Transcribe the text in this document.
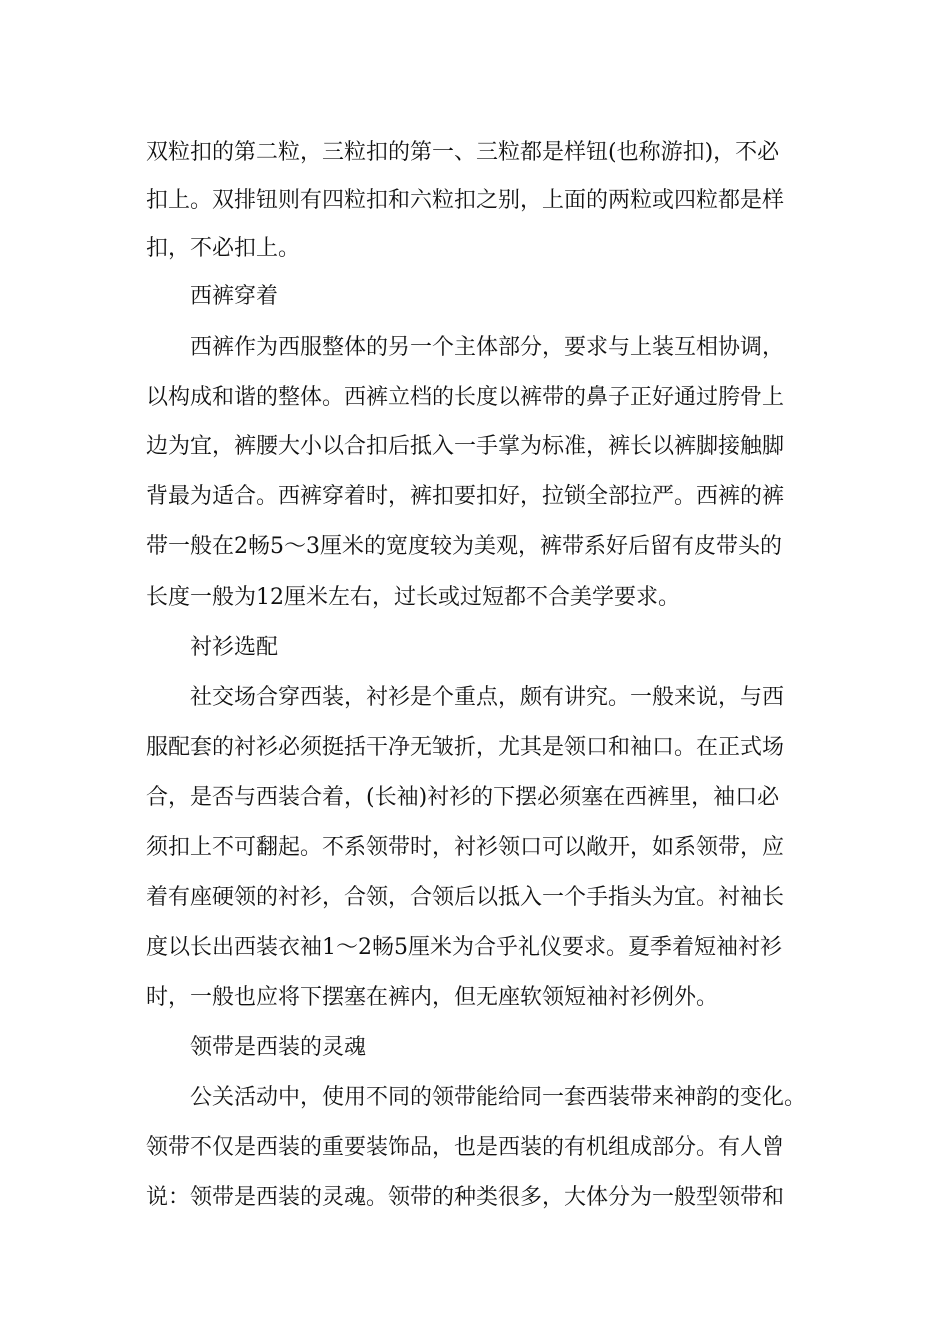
双粒扣的第二粒，三粒扣的第一、三粒都是样钮(也称游扣)，不必
扣上。双排钮则有四粒扣和六粒扣之别，上面的两粒或四粒都是样
扣，不必扣上。
西裤穿着
西裤作为西服整体的另一个主体部分，要求与上装互相协调，
以构成和谐的整体。西裤立档的长度以裤带的鼻子正好通过胯骨上
边为宜，裤腰大小以合扣后抵入一手掌为标准，裤长以裤脚接触脚
背最为适合。西裤穿着时，裤扣要扣好，拉锁全部拉严。西裤的裤
带一般在2畅5～3厘米的宽度较为美观，裤带系好后留有皮带头的
长度一般为12厘米左右，过长或过短都不合美学要求。
衬衫选配
社交场合穿西装，衬衫是个重点，颇有讲究。一般来说，与西
服配套的衬衫必须挺括干净无皱折，尤其是领口和袖口。在正式场
合，是否与西装合着，(长袖)衬衫的下摆必须塞在西裤里，袖口必
须扣上不可翻起。不系领带时，衬衫领口可以敞开，如系领带，应
着有座硬领的衬衫，合领，合领后以抵入一个手指头为宜。衬袖长
度以长出西装衣袖1～2畅5厘米为合乎礼仪要求。夏季着短袖衬衫
时，一般也应将下摆塞在裤内，但无座软领短袖衬衫例外。
领带是西装的灵魂
公关活动中，使用不同的领带能给同一套西装带来神韵的变化。
领带不仅是西装的重要装饰品，也是西装的有机组成部分。有人曾
说：领带是西装的灵魂。领带的种类很多，大体分为一般型领带和
